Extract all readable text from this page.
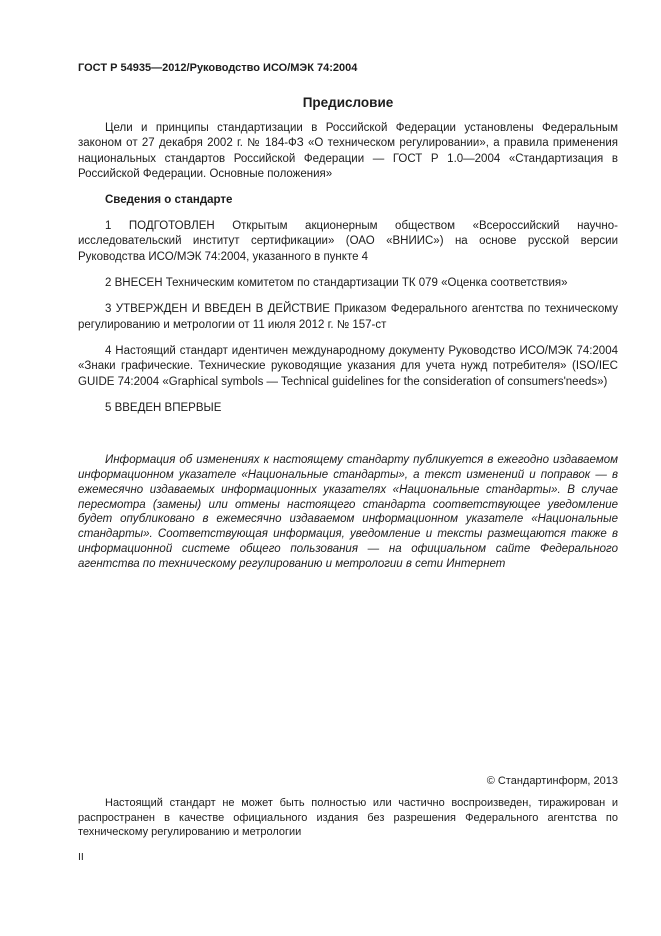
ГОСТ Р 54935—2012/Руководство ИСО/МЭК 74:2004
Предисловие

Цели и принципы стандартизации в Российской Федерации установлены Федеральным законом от 27 декабря 2002 г. № 184-ФЗ «О техническом регулировании», а правила применения национальных стандартов Российской Федерации — ГОСТ Р 1.0—2004 «Стандартизация в Российской Федерации. Основные положения»

Сведения о стандарте

1 ПОДГОТОВЛЕН Открытым акционерным обществом «Всероссийский научно-исследовательский институт сертификации» (ОАО «ВНИИС») на основе русской версии Руководства ИСО/МЭК 74:2004, указанного в пункте 4

2 ВНЕСЕН Техническим комитетом по стандартизации ТК 079 «Оценка соответствия»

3 УТВЕРЖДЕН И ВВЕДЕН В ДЕЙСТВИЕ Приказом Федерального агентства по техническому регулированию и метрологии от 11 июля 2012 г. № 157-ст

4 Настоящий стандарт идентичен международному документу Руководство ИСО/МЭК 74:2004 «Знаки графические. Технические руководящие указания для учета нужд потребителя» (ISO/IEC GUIDE 74:2004 «Graphical symbols — Technical guidelines for the consideration of consumers'needs»)

5 ВВЕДЕН ВПЕРВЫЕ

Информация об изменениях к настоящему стандарту публикуется в ежегодно издаваемом информационном указателе «Национальные стандарты», а текст изменений и поправок — в ежемесячно издаваемых информационных указателях «Национальные стандарты». В случае пересмотра (замены) или отмены настоящего стандарта соответствующее уведомление будет опубликовано в ежемесячно издаваемом информационном указателе «Национальные стандарты». Соответствующая информация, уведомление и тексты размещаются также в информационной системе общего пользования — на официальном сайте Федерального агентства по техническому регулированию и метрологии в сети Интернет

© Стандартинформ, 2013

Настоящий стандарт не может быть полностью или частично воспроизведен, тиражирован и распространен в качестве официального издания без разрешения Федерального агентства по техническому регулированию и метрологии

II
